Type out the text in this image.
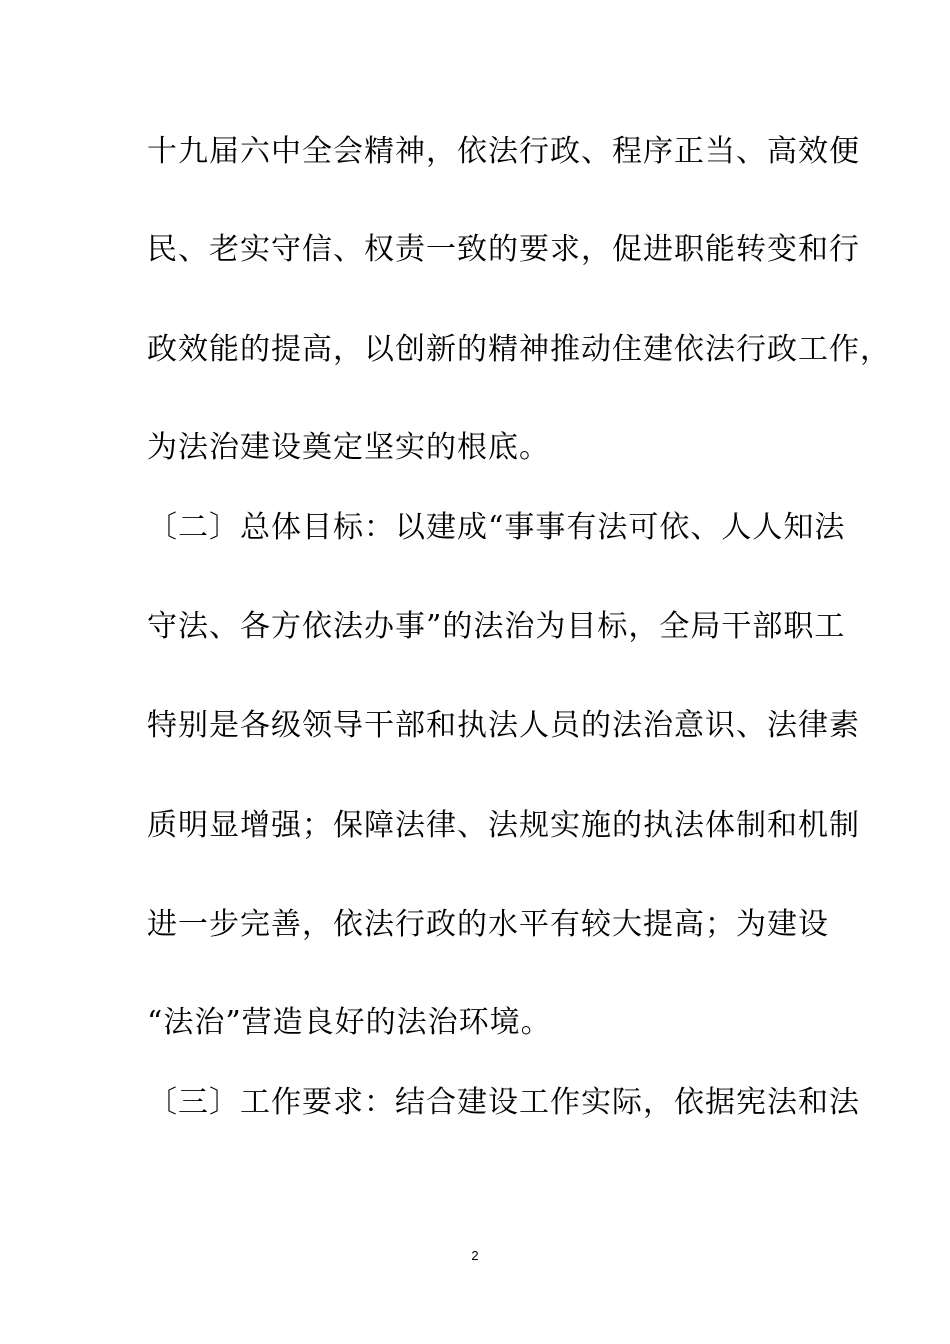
十九届六中全会精神，依法行政、程序正当、高效便
民、老实守信、权责一致的要求，促进职能转变和行
政效能的提高，以创新的精神推动住建依法行政工作，
为法治建设奠定坚实的根底。
〔二〕总体目标：以建成“事事有法可依、人人知法
守法、各方依法办事”的法治为目标，全局干部职工
特别是各级领导干部和执法人员的法治意识、法律素
质明显增强；保障法律、法规实施的执法体制和机制
进一步完善，依法行政的水平有较大提高；为建设
“法治”营造良好的法治环境。
〔三〕工作要求：结合建设工作实际，依据宪法和法
2
